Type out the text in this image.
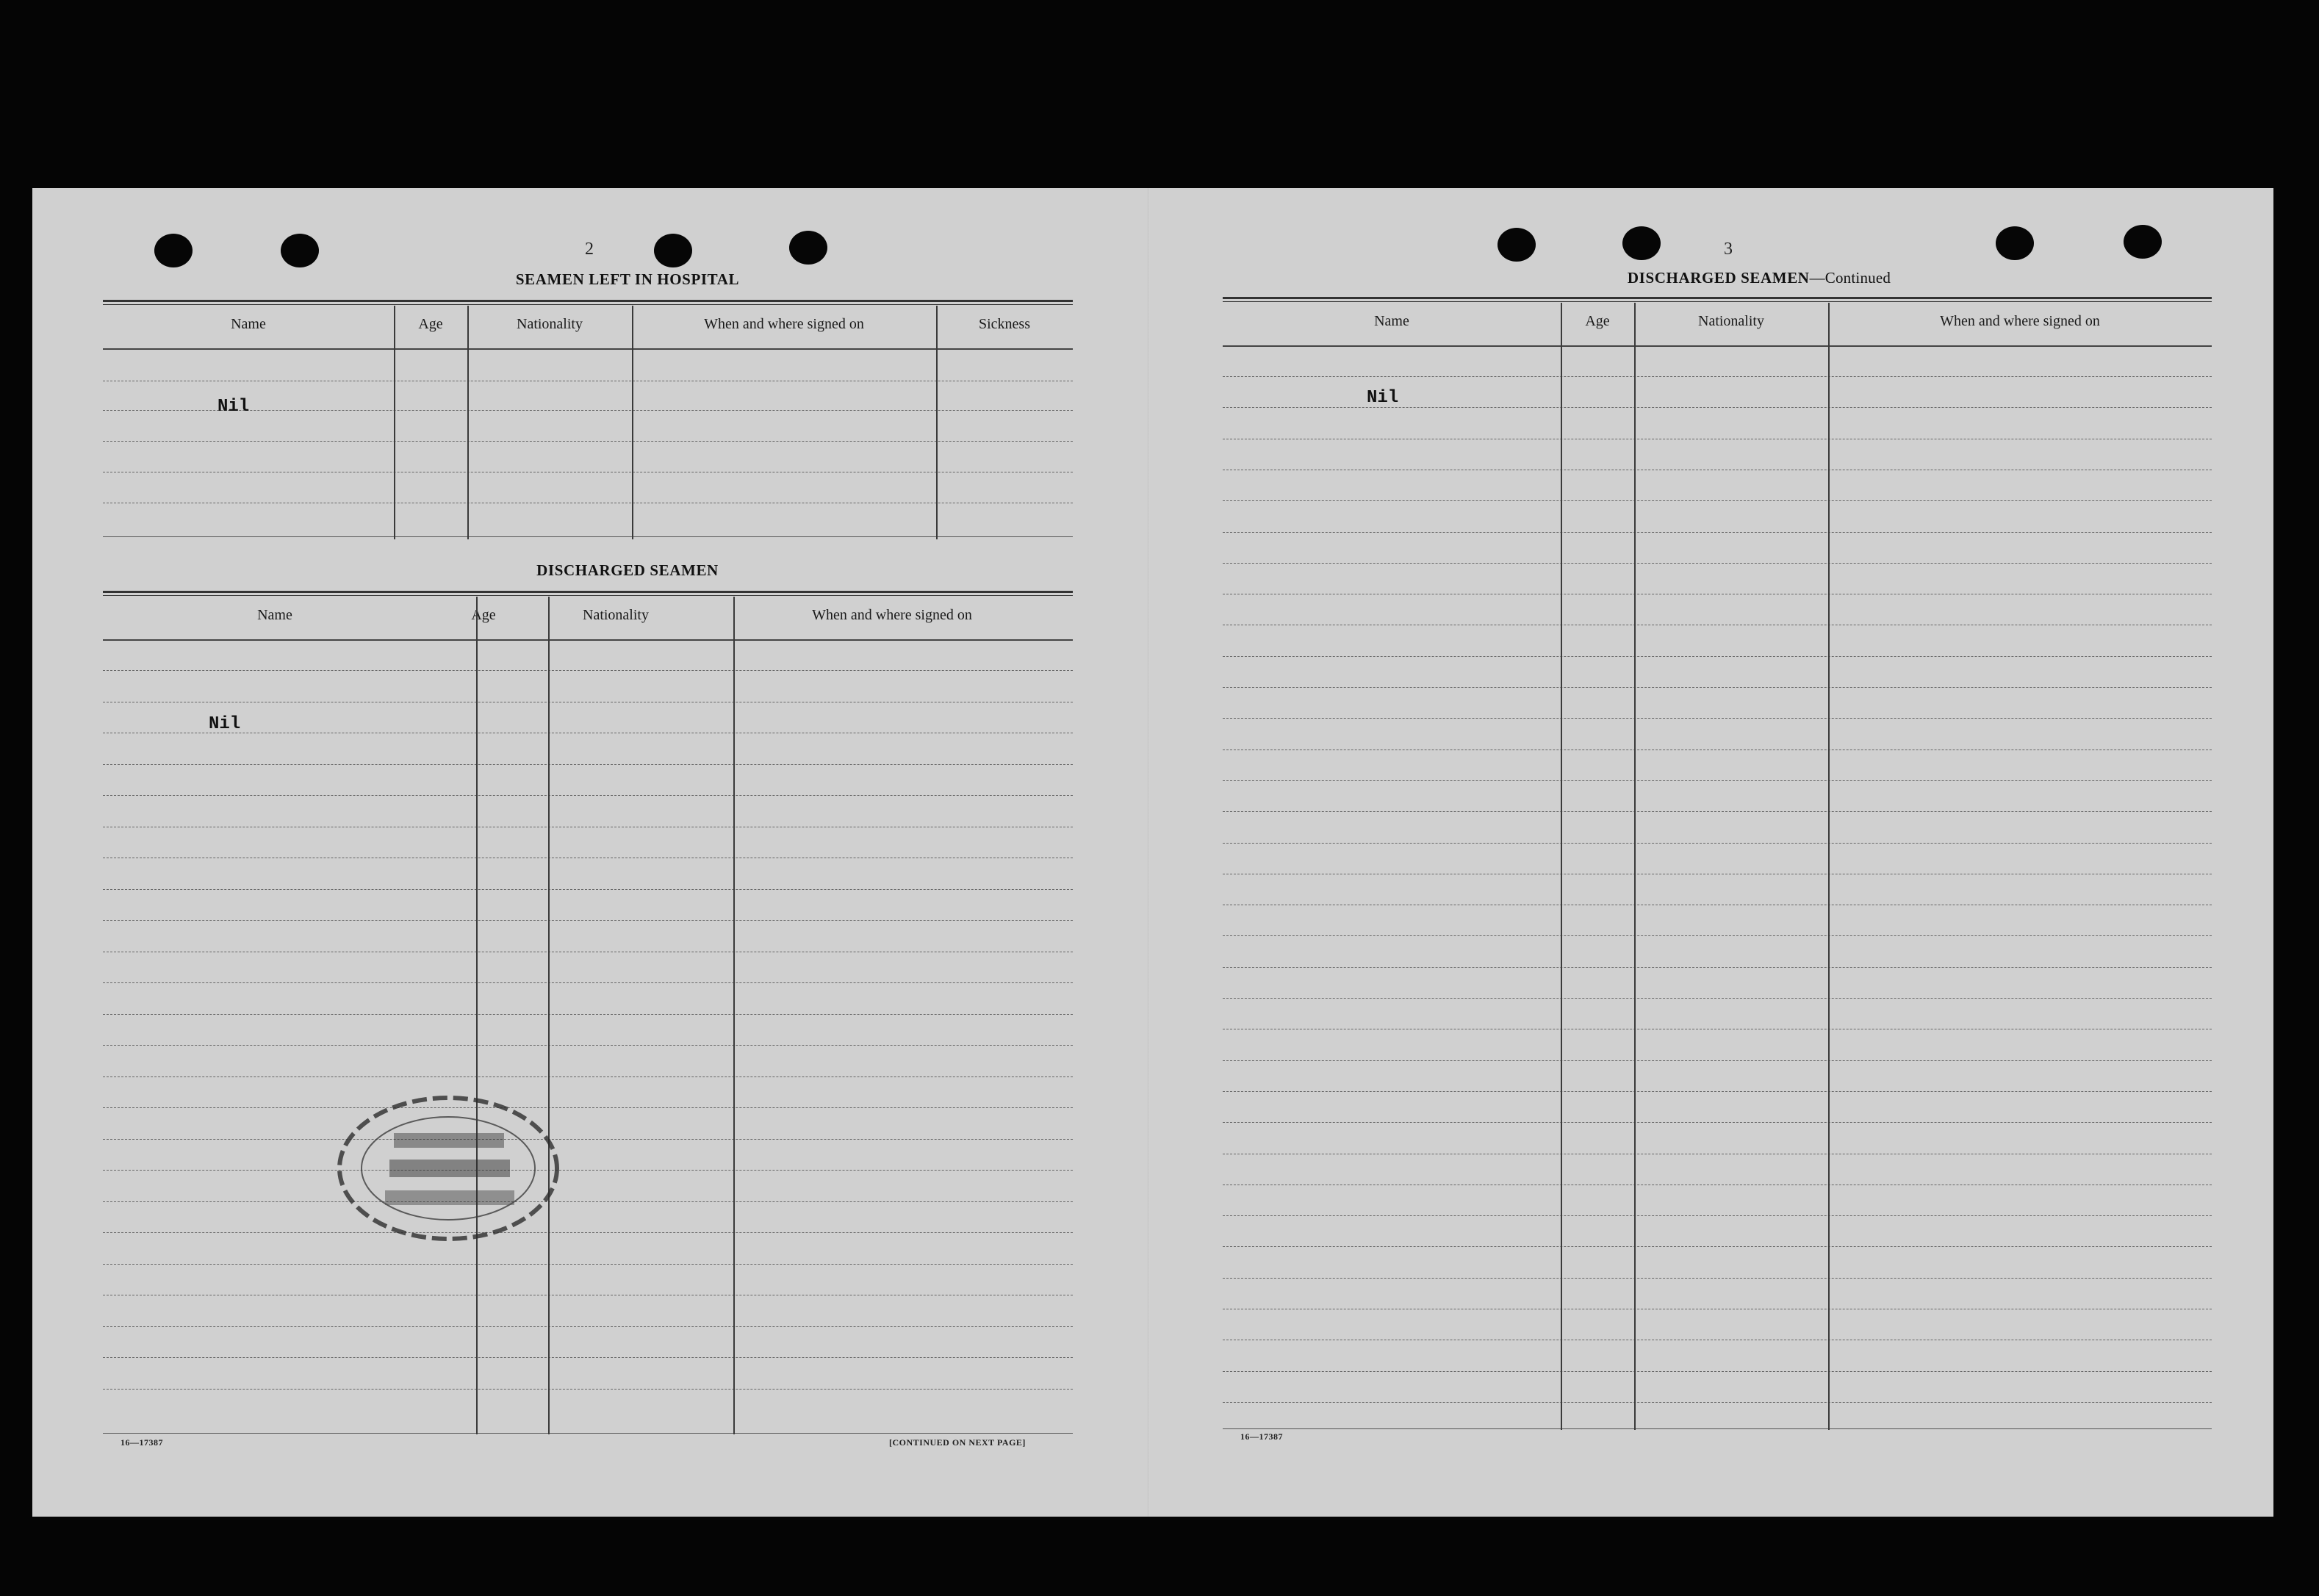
2
SEAMEN LEFT IN HOSPITAL
Name	Age	Nationality	When and where signed on	Sickness
Nil
DISCHARGED SEAMEN
Name	Age	Nationality	When and where signed on
Nil
16—17387	[CONTINUED ON NEXT PAGE]
3
DISCHARGED SEAMEN—Continued
Name	Age	Nationality	When and where signed on
Nil
16—17387
